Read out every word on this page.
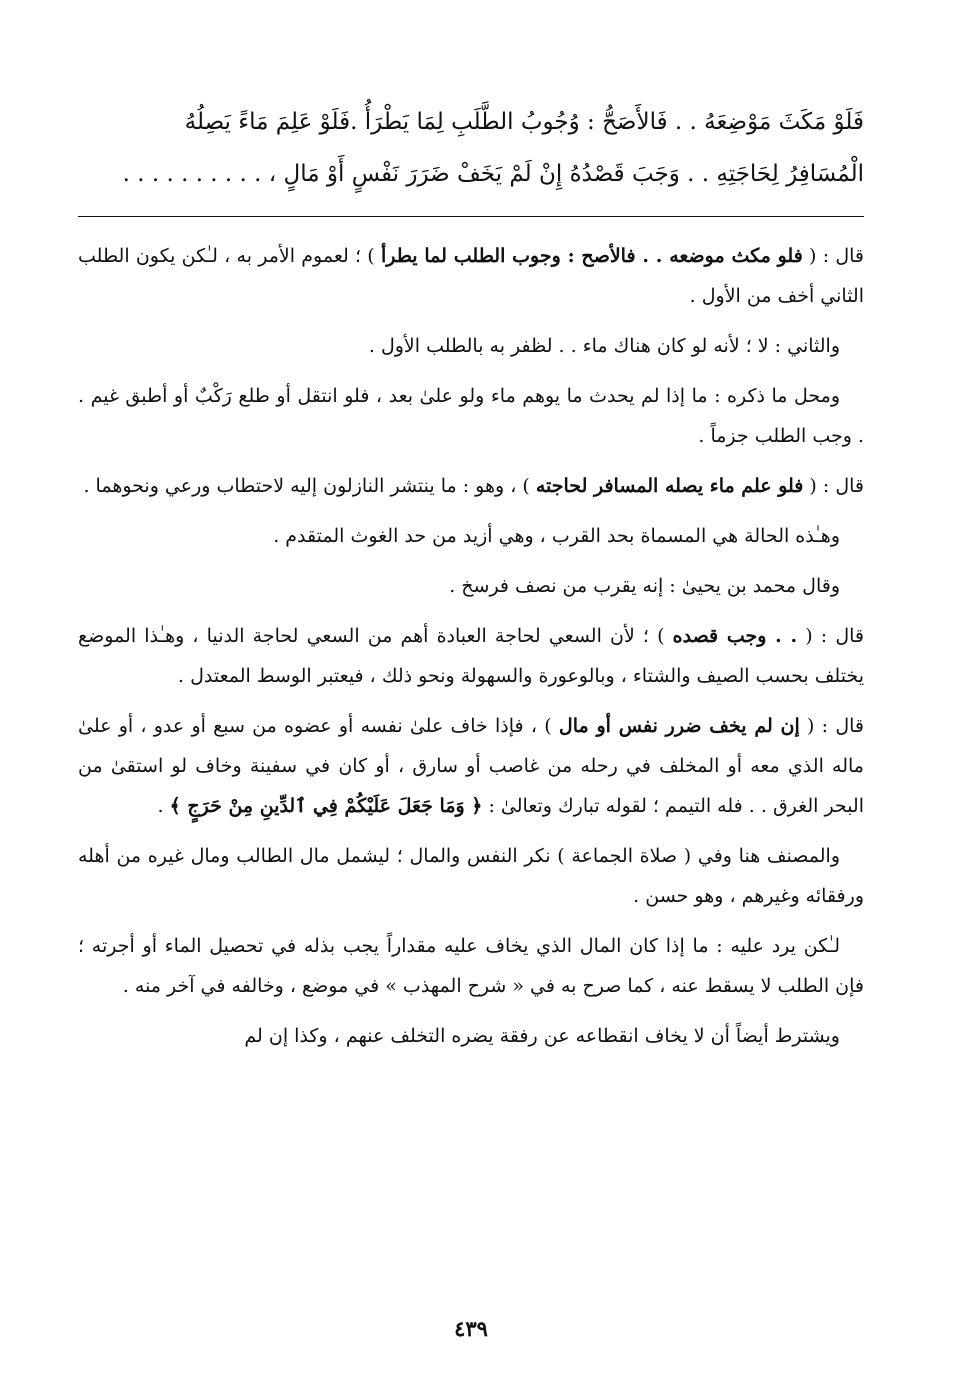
فَلَوْ مَكَثَ مَوْضِعَهُ . . فَالأَصَحُّ : وُجُوبُ الطَّلَبِ لِمَا يَطْرَأُ .فَلَوْ عَلِمَ مَاءً يَصِلُهُ
الْمُسَافِرُ لِحَاجَتِهِ . . وَجَبَ قَصْدُهُ إِنْ لَمْ يَخَفْ ضَرَرَ نَفْسٍ أَوْ مَالٍ ، . . . . . . . . . .

قال : ( فلو مكث موضعه . . فالأصح : وجوب الطلب لما يطرأ ) ؛ لعموم الأمر به ، لـٰكن يكون الطلب الثاني أخف من الأول .

والثاني : لا ؛ لأنه لو كان هناك ماء . . لظفر به بالطلب الأول .

ومحل ما ذكره : ما إذا لم يحدث ما يوهم ماء ولو علىٰ بعد ، فلو انتقل أو طلع رَكْبٌ أو أطبق غيم . . وجب الطلب جزماً .

قال : ( فلو علم ماء يصله المسافر لحاجته ) ، وهو : ما ينتشر النازلون إليه لاحتطاب ورعي ونحوهما .

وهـٰذه الحالة هي المسماة بحد القرب ، وهي أزيد من حد الغوث المتقدم .

وقال محمد بن يحيىٰ : إنه يقرب من نصف فرسخ .

قال : ( . . وجب قصده ) ؛ لأن السعي لحاجة العبادة أهم من السعي لحاجة الدنيا ، وهـٰذا الموضع يختلف بحسب الصيف والشتاء ، وبالوعورة والسهولة ونحو ذلك ، فيعتبر الوسط المعتدل .

قال : ( إن لم يخف ضرر نفس أو مال ) ، فإذا خاف علىٰ نفسه أو عضوه من سبع أو عدو ، أو علىٰ ماله الذي معه أو المخلف في رحله من غاصب أو سارق ، أو كان في سفينة وخاف لو استقىٰ من البحر الغرق . . فله التيمم ؛ لقوله تبارك وتعالىٰ : ﴿ وَمَا جَعَلَ عَلَيْكُمْ فِي ٱلدِّينِ مِنْ حَرَجٍ ﴾ .

والمصنف هنا وفي ( صلاة الجماعة ) نكر النفس والمال ؛ ليشمل مال الطالب ومال غيره من أهله ورفقائه وغيرهم ، وهو حسن .

لـٰكن يرد عليه : ما إذا كان المال الذي يخاف عليه مقداراً يجب بذله في تحصيل الماء أو أجرته ؛ فإن الطلب لا يسقط عنه ، كما صرح به في « شرح المهذب » في موضع ، وخالفه في آخر منه .

ويشترط أيضاً أن لا يخاف انقطاعه عن رفقة يضره التخلف عنهم ، وكذا إن لم

٤٣٩
